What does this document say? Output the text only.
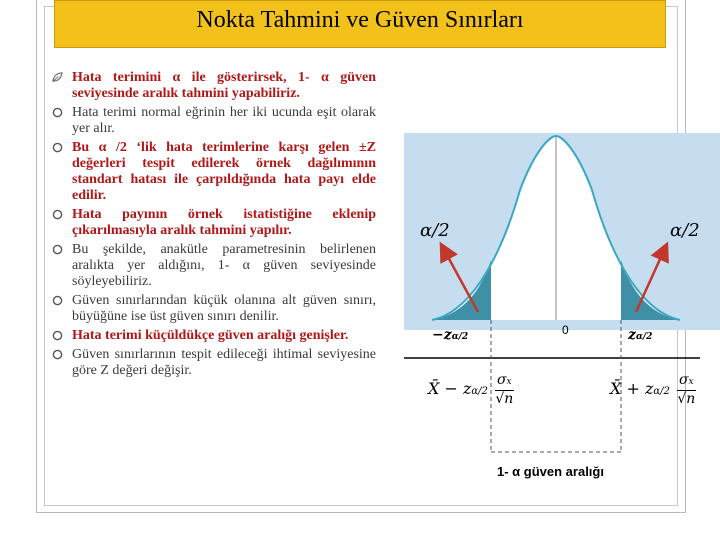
Nokta Tahmini ve Güven Sınırları
Hata terimini α ile gösterirsek, 1- α güven seviyesinde aralık tahmini yapabiliriz.
Hata terimi normal eğrinin her iki ucunda eşit olarak yer alır.
Bu α /2 ‘lik hata terimlerine karşı gelen ±Z değerleri tespit edilerek örnek dağılımının standart hatası ile çarpıldığında hata payı elde edilir.
Hata payının örnek istatistiğine eklenip çıkarılmasıyla aralık tahmini yapılır.
Bu şekilde, anakütle parametresinin belirlenen aralıkta yer aldığını, 1- α güven seviyesinde söyleyebiliriz.
Güven sınırlarından küçük olanına alt güven sınırı, büyüğüne ise üst güven sınırı denilir.
Hata terimi küçüldükçe güven aralığı genişler.
Güven sınırlarının tespit edileceği ihtimal seviyesine göre Z değeri değişir.
α/2	α/2
−zα/2	zα/2
0
X̄ − $z\alpha/2 \frac{\sigma x}{√n}$	X̄ + $z\alpha/2 \frac{\sigma x}{√n}$
1- α güven aralığı
